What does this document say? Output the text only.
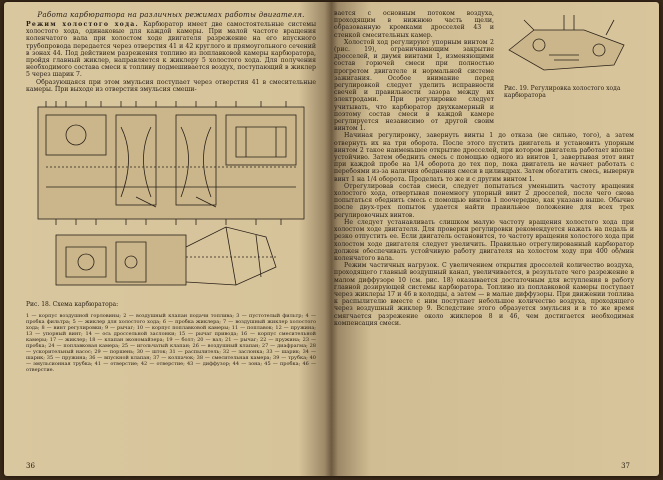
Работа карбюратора на различных режимах работы двигателя.

Режим холостого хода. Карбюратор имеет две самостоятельные системы холостого хода, одинаковые для каждой камеры. При малой частоте вращения коленчатого вала при холостом ходе двигателя разрежение на его впускного трубопровода передается через отверстия 41 и 42 круглого и прямоугольного сечений в зонах 44. Под действием разрежения топливо из поплавковой камеры карбюратора, пройдя главный жиклер, направляется к жиклеру 5 холостого хода. Для получения необходимого состава смеси к топливу подмешивается воздух, поступающий в жиклер 5 через шарик 7.

Образующаяся при этом эмульсия поступает через отверстия 41 в смесительные камеры. При выходе из отверстия эмульсия смеши-

Рис. 18. Схема карбюратора:

1 — корпус воздушной горловины; 2 — воздушный клапан подачи топлива; 3 — пустотелый фильтр; 4 — пробка фильтра; 5 — жиклер для холостого хода; 6 — пробка жиклера; 7 — воздушный жиклер холостого хода; 8 — винт регулировки; 9 — рычаг; 10 — корпус поплавковой камеры; 11 — поплавок; 12 — пружина; 13 — упорный винт; 14 — ось дроссельной заслонки; 15 — рычаг привода; 16 — корпус смесительной камеры; 17 — жиклер; 18 — клапан экономайзера; 19 — болт; 20 — вал; 21 — рычаг; 22 — пружина; 23 — пробка; 24 — поплавковая камера; 25 — игольчатый клапан; 26 — воздушный клапан; 27 — диафрагма; 28 — ускорительный насос; 29 — поршень; 30 — шток; 31 — распылитель; 32 — заслонка; 33 — шарик; 34 — шарик; 35 — пружина; 36 — впускной клапан; 37 — колпачок; 38 — смесительная камера; 39 — трубка; 40 — эмульсионная трубка; 41 — отверстие; 42 — отверстие; 43 — диффузор; 44 — зона; 45 — пробка; 46 — отверстие.

36

Рис. 19. Регулировка холостого хода карбюратора

вается с основным потоком воздуха, проходящим в нижнюю часть щели, образованную кромками дросселей 43 и стенкой смесительных камер.

Холостой ход регулируют упорным винтом 2 (рис. 19), ограничивающим закрытие дросселей, и двумя винтами 1, изменяющими состав горючей смеси при полностью прогретом двигателе и нормальной системе зажигания. Особое внимание перед регулировкой следует уделить исправности свечей и правильности зазора между их электродами. При регулировке следует учитывать, что карбюратор двухкамерный и поэтому состав смеси в каждой камере регулируется независимо от другой своим винтом 1.

Начиная регулировку, завернуть винты 1 до отказа (не сильно, того), а затем отвернуть их на три оборота. После этого пустить двигатель и установить упорным винтом 2 такое наименьшее открытие дросселей, при котором двигатель работает вполне устойчиво. Затем обеднить смесь с помощью одного из винтов 1, завертывая этот винт при каждой пробе на 1/4 оборота до тех пор, пока двигатель не начнет работать с перебоями из-за наличия обеднения смеси в цилиндрах. Затем обогатить смесь, вывернув винт 1 на 1/4 оборота. Проделать то же и с другим винтом 1.

Отрегулировав состав смеси, следует попытаться уменьшить частоту вращения холостого хода, отвертывая понемногу упорный винт 2 дросселей, после чего снова попытаться обеднить смесь с помощью винтов 1 поочередно, как указано выше. Обычно после двух-трех попыток удается найти правильное положение для всех трех регулировочных винтов.

Не следует устанавливать слишком малую частоту вращения холостого хода при холостом ходе двигателя. Для проверки регулировки рекомендуется нажать на педаль и резко отпустить ее. Если двигатель остановится, то частоту вращения холостого хода при холостом ходе двигателя следует увеличить. Правильно отрегулированный карбюратор должен обеспечивать устойчивую работу двигателя на холостом ходу при 400 об/мин коленчатого вала.

Режим частичных нагрузок. С увеличением открытия дросселей количество воздуха, проходящего главный воздушный канал, увеличивается, в результате чего разрежение в малом диффузоре 10 (см. рис. 18) оказывается достаточным для вступления в работу главной дозирующей системы карбюратора. Топливо из поплавковой камеры поступает через жиклеры 17 и 46 в колодцы, а затем — в малые диффузоры. При движении топлива к распылителю вместе с ним поступает небольшое количество воздуха, проходящего через воздушный жиклер 9. Вследствие этого образуется эмульсия и в то же время смягчается разрежение около жиклеров 8 и 46, чем достигается необходимая компенсация смеси.

37
